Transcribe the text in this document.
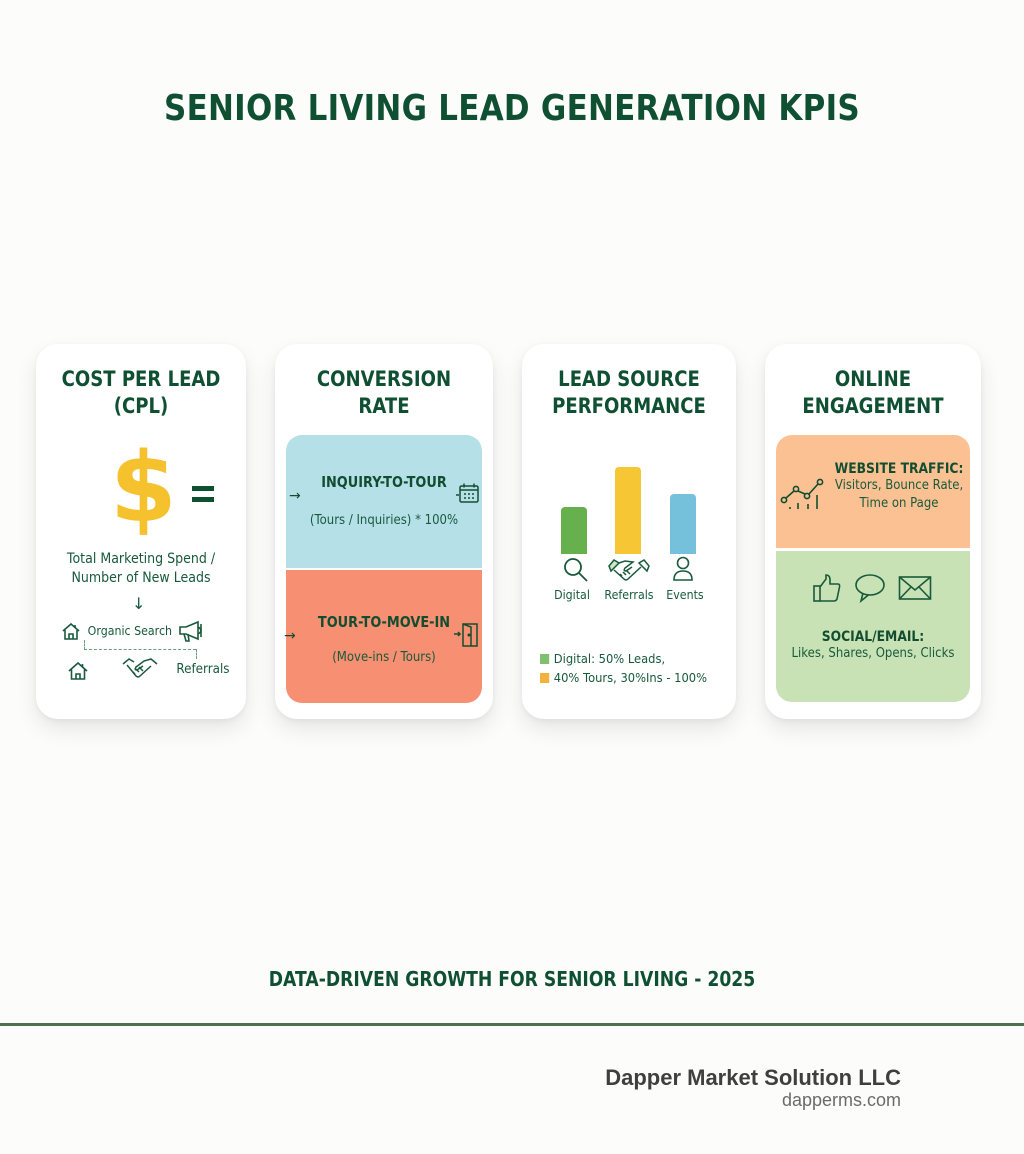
SENIOR LIVING LEAD GENERATION KPIS
COST PER LEAD
(CPL)
$
Total Marketing Spend /
Number of New Leads
↓
Organic Search
Referrals
CONVERSION
RATE
INQUIRY-TO-TOUR
→
(Tours / Inquiries) * 100%
TOUR-TO-MOVE-IN
→
(Move-ins / Tours)
LEAD SOURCE
PERFORMANCE
Digital	Referrals	Events
Digital: 50% Leads,
40% Tours, 30%Ins - 100%
ONLINE
ENGAGEMENT
WEBSITE TRAFFIC:
Visitors, Bounce Rate,
Time on Page
SOCIAL/EMAIL:
Likes, Shares, Opens, Clicks
DATA-DRIVEN GROWTH FOR SENIOR LIVING - 2025
Dapper Market Solution LLC
dapperms.com
